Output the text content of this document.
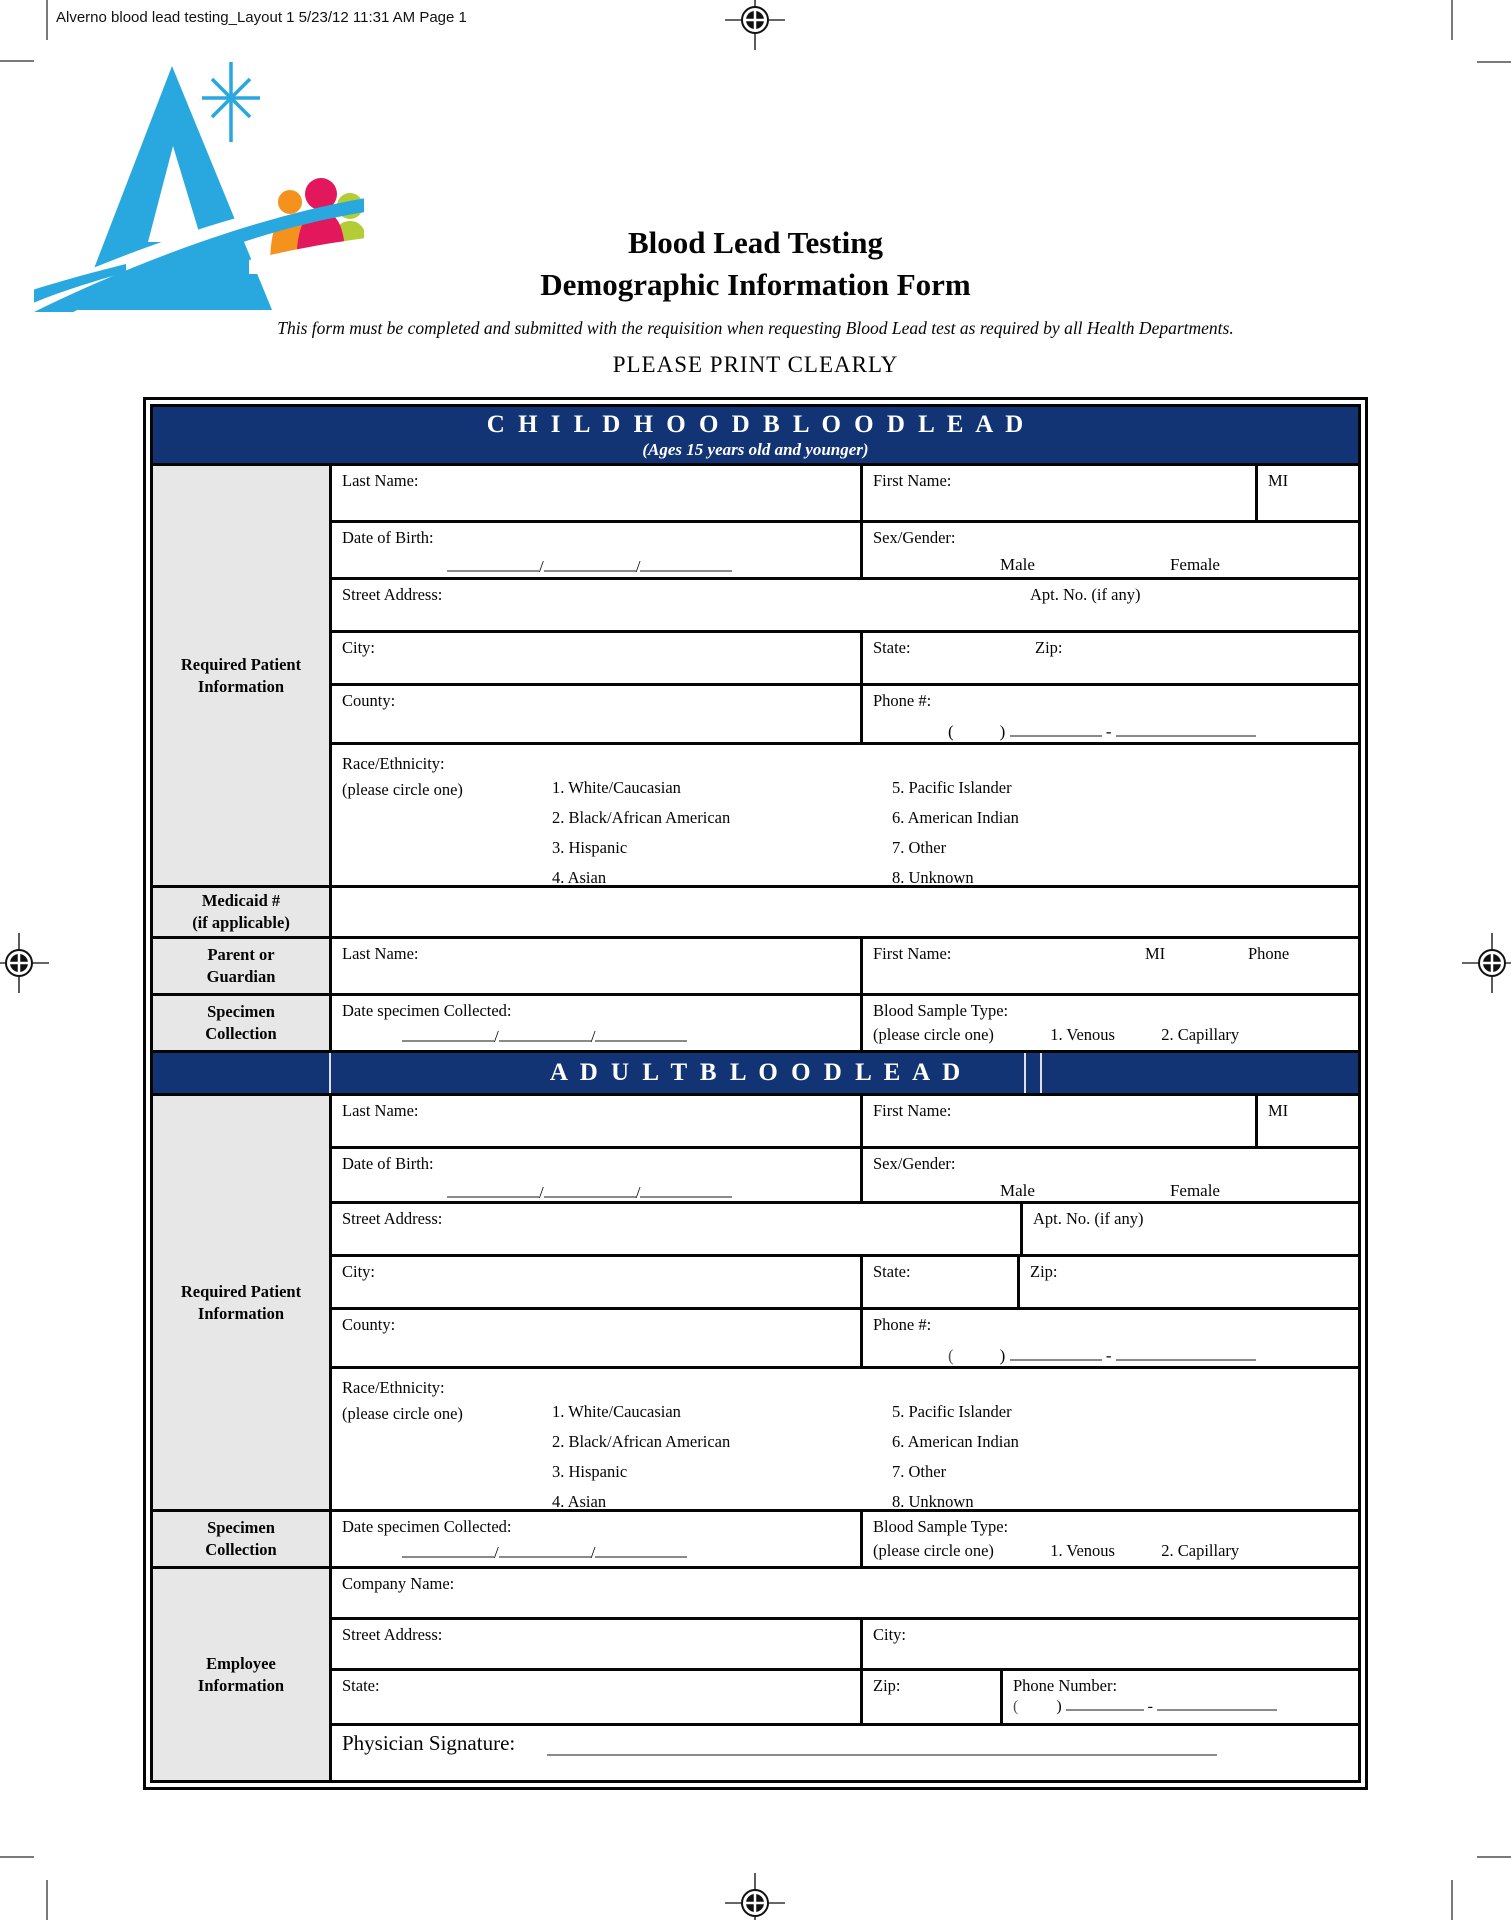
Alverno blood lead testing_Layout 1 5/23/12 11:31 AM Page 1
Blood Lead Testing
Demographic Information Form
This form must be completed and submitted with the requisition when requesting Blood Lead test as required by all Health Departments.
PLEASE PRINT CLEARLY
C H I L D H O O D B L O O D L E A D
(Ages 15 years old and younger)
Required Patient
Information
Last Name:	First Name:	MI
Date of Birth:
/	/
Sex/Gender:
Male	Female
Street Address:	Apt. No. (if any)
City:	State:	Zip:
County:	Phone #:
(	)	-
Race/Ethnicity:
(please circle one)	1. White/Caucasian
2. Black/African American
3. Hispanic
4. Asian
5. Pacific Islander
6. American Indian
7. Other
8. Unknown
Medicaid #
(if applicable)
Parent or
Guardian
Last Name:	First Name:	MI	Phone
Specimen
Collection
Date specimen Collected:
/	/
Blood Sample Type:
(please circle one)	1. Venous	2. Capillary
A D U L T B L O O D L E A D
Required Patient
Information
Last Name:	First Name:	MI
Date of Birth:
/	/
Sex/Gender:
Male	Female
Street Address:	Apt. No. (if any)
City:	State:	Zip:
County:	Phone #:
(	)	-
Race/Ethnicity:
(please circle one)	1. White/Caucasian
2. Black/African American
3. Hispanic
4. Asian
5. Pacific Islander
6. American Indian
7. Other
8. Unknown
Specimen
Collection
Date specimen Collected:
/	/
Blood Sample Type:
(please circle one)	1. Venous	2. Capillary
Employee
Information
Company Name:
Street Address:	City:
State:	Zip:	Phone Number:
( )	-
Physician Signature:
